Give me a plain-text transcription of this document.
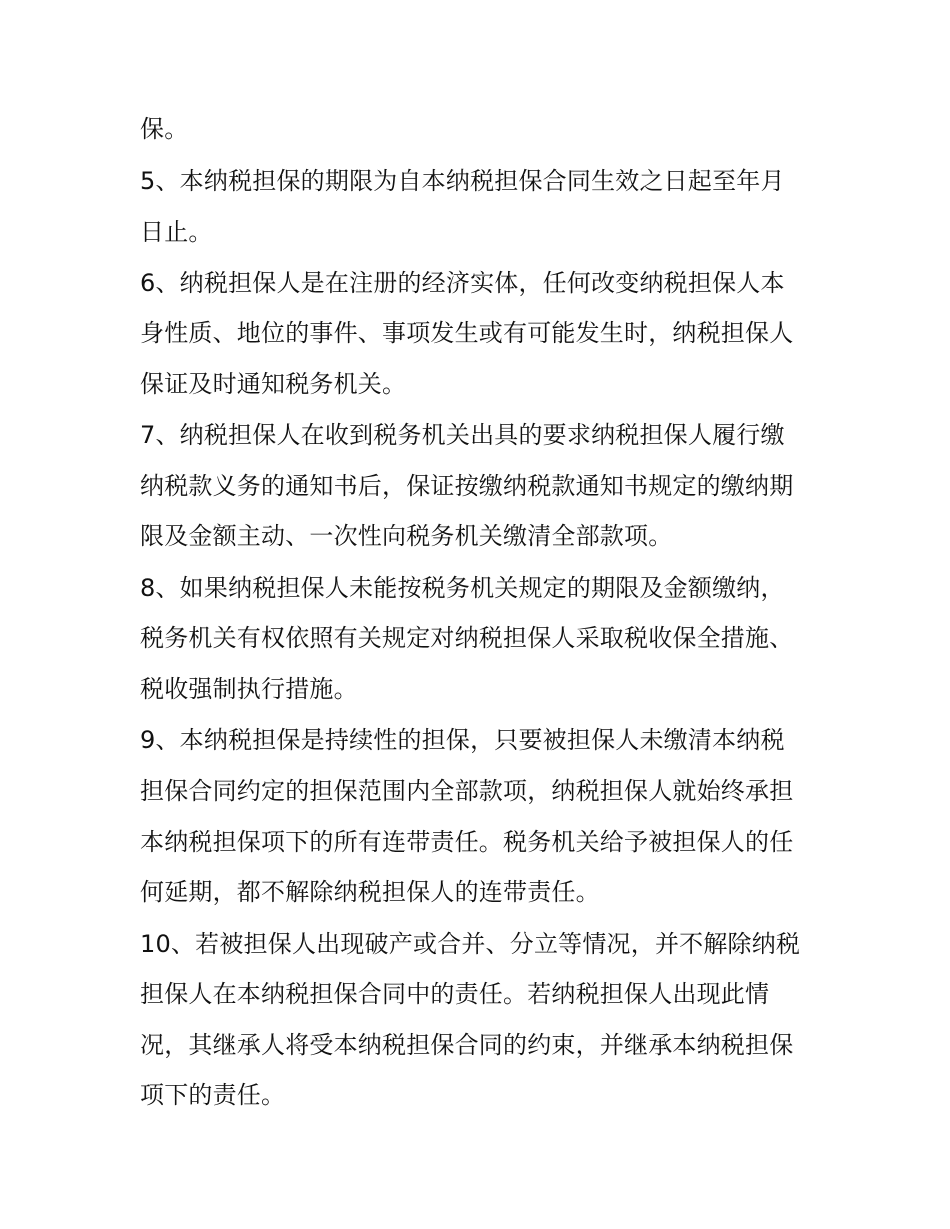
保。
5、本纳税担保的期限为自本纳税担保合同生效之日起至年月
日止。
6、纳税担保人是在注册的经济实体，任何改变纳税担保人本
身性质、地位的事件、事项发生或有可能发生时，纳税担保人
保证及时通知税务机关。
7、纳税担保人在收到税务机关出具的要求纳税担保人履行缴
纳税款义务的通知书后，保证按缴纳税款通知书规定的缴纳期
限及金额主动、一次性向税务机关缴清全部款项。
8、如果纳税担保人未能按税务机关规定的期限及金额缴纳，
税务机关有权依照有关规定对纳税担保人采取税收保全措施、
税收强制执行措施。
9、本纳税担保是持续性的担保，只要被担保人未缴清本纳税
担保合同约定的担保范围内全部款项，纳税担保人就始终承担
本纳税担保项下的所有连带责任。税务机关给予被担保人的任
何延期，都不解除纳税担保人的连带责任。
10、若被担保人出现破产或合并、分立等情况，并不解除纳税
担保人在本纳税担保合同中的责任。若纳税担保人出现此情
况，其继承人将受本纳税担保合同的约束，并继承本纳税担保
项下的责任。
